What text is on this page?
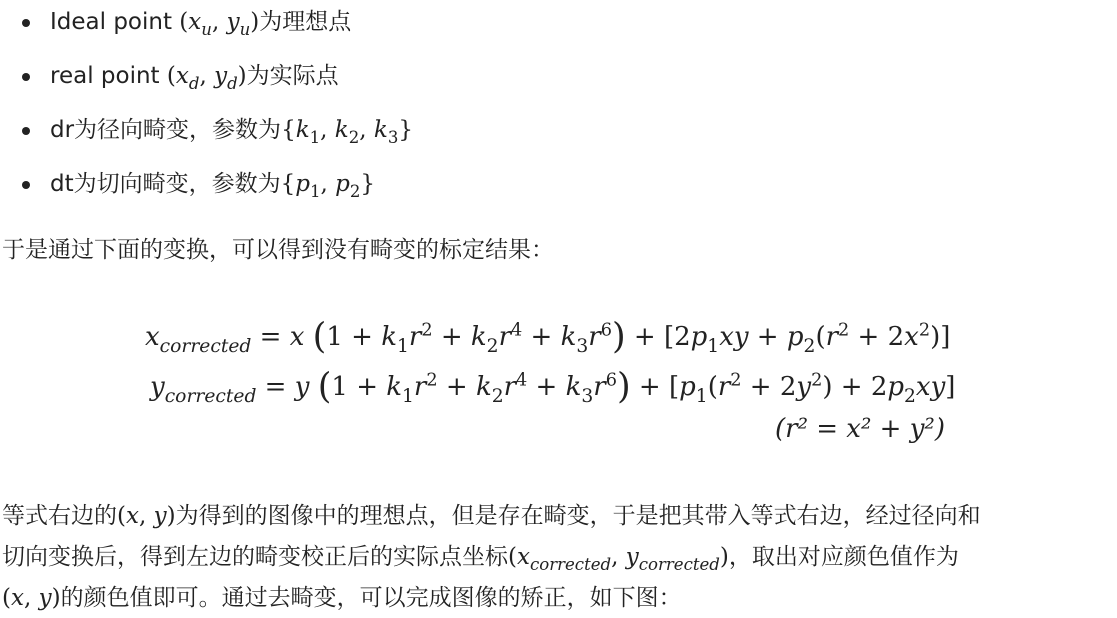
Ideal point ($x_u$, $y_u$)为理想点
real point ($x_d$, $y_d$)为实际点
dr为径向畸变，参数为{$k_1$, $k_2$, $k_3$}
dt为切向畸变，参数为{$p_1$, $p_2$}
于是通过下面的变换，可以得到没有畸变的标定结果：
$x_{corrected} = x$ $(1 + k_1r^2 + k_2r^4 + k_3r^6) + [2p_1xy + p_2(r^2 + 2x^2)]$
$y_{corrected} = y$ $(1 + k_1r^2 + k_2r^4 + k_3r^6) + [p_1(r^2 + 2y^2) + 2p_2xy]$
(r² = x² + y²)
等式右边的(x, y)为得到的图像中的理想点，但是存在畸变，于是把其带入等式右边，经过径向和
切向变换后，得到左边的畸变校正后的实际点坐标($x_{corrected}$, $y_{corrected}$)，取出对应颜色值作为
(x, y)的颜色值即可。通过去畸变，可以完成图像的矫正，如下图：
